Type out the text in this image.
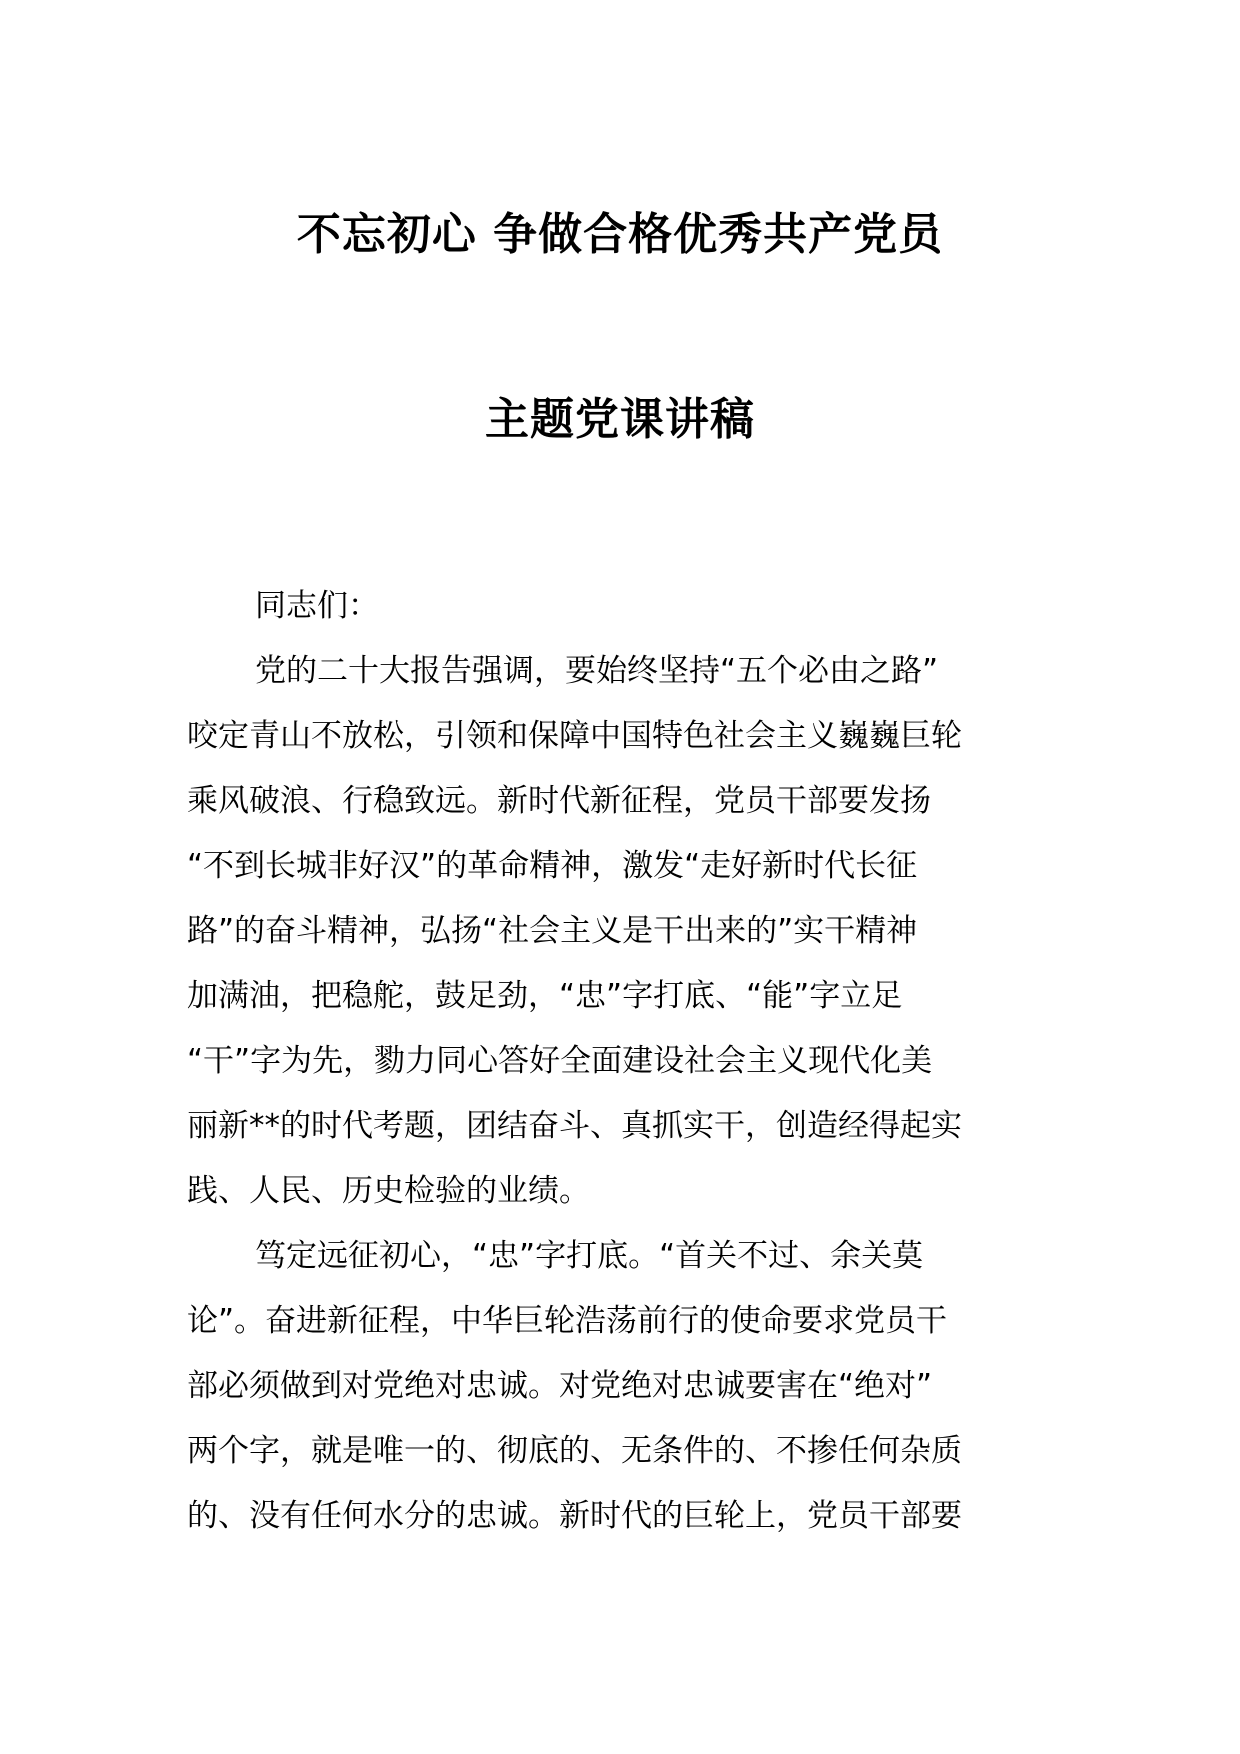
不忘初心 争做合格优秀共产党员
主题党课讲稿

同志们：

党的二十大报告强调，要始终坚持“五个必由之路”
咬定青山不放松，引领和保障中国特色社会主义巍巍巨轮
乘风破浪、行稳致远。新时代新征程，党员干部要发扬
“不到长城非好汉”的革命精神，激发“走好新时代长征
路”的奋斗精神，弘扬“社会主义是干出来的”实干精神
加满油，把稳舵，鼓足劲，“忠”字打底、“能”字立足
“干”字为先，勠力同心答好全面建设社会主义现代化美
丽新**的时代考题，团结奋斗、真抓实干，创造经得起实
践、人民、历史检验的业绩。

笃定远征初心，“忠”字打底。“首关不过、余关莫
论”。奋进新征程，中华巨轮浩荡前行的使命要求党员干
部必须做到对党绝对忠诚。对党绝对忠诚要害在“绝对”
两个字，就是唯一的、彻底的、无条件的、不掺任何杂质
的、没有任何水分的忠诚。新时代的巨轮上，党员干部要
